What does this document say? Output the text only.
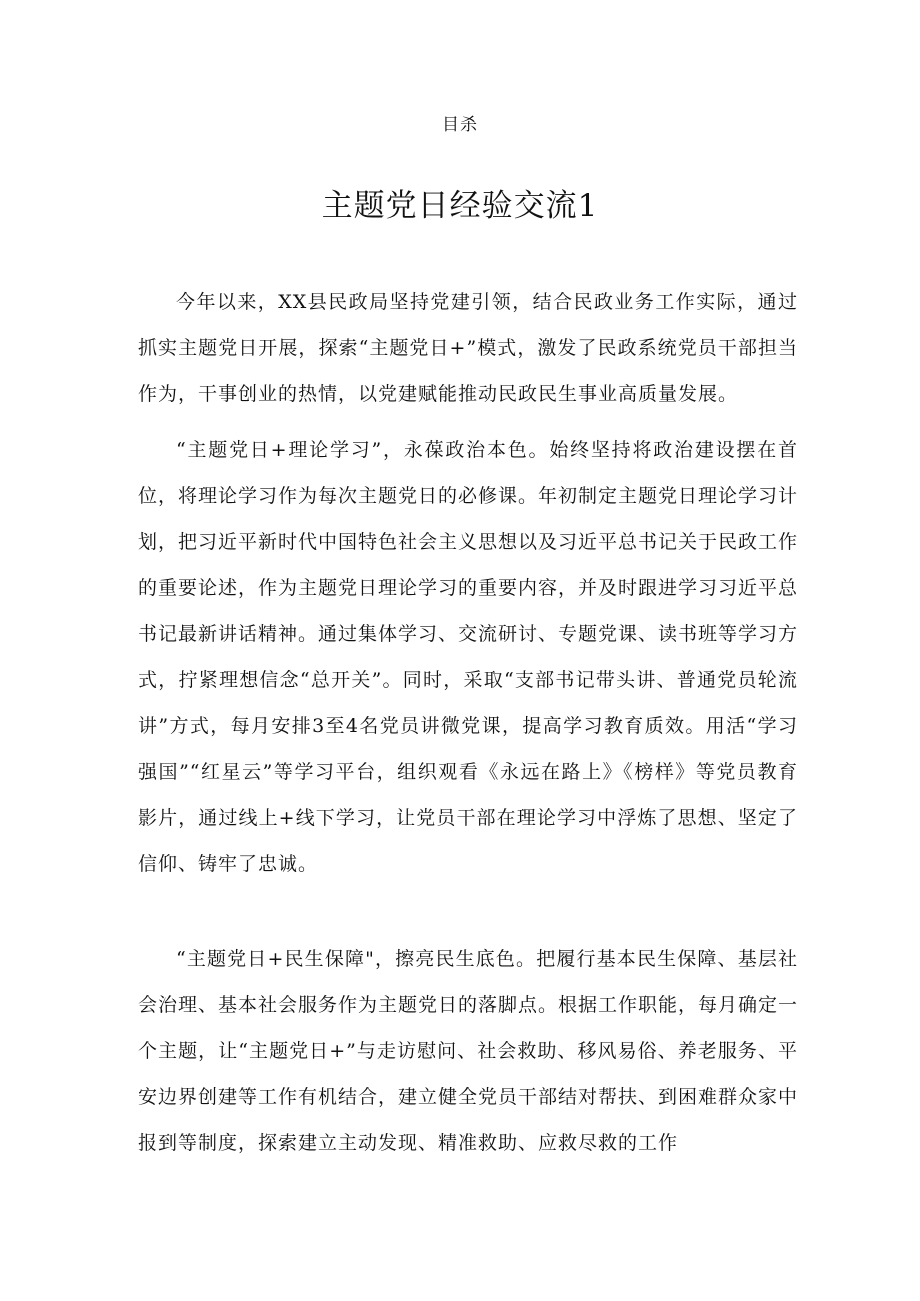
目杀
主题党日经验交流1

今年以来，XX县民政局坚持党建引领，结合民政业务工作实际，通过抓实主题党日开展，探索“主题党日+”模式，激发了民政系统党员干部担当作为，干事创业的热情，以党建赋能推动民政民生事业高质量发展。

“主题党日+理论学习”，永葆政治本色。始终坚持将政治建设摆在首位，将理论学习作为每次主题党日的必修课。年初制定主题党日理论学习计划，把习近平新时代中国特色社会主义思想以及习近平总书记关于民政工作的重要论述，作为主题党日理论学习的重要内容，并及时跟进学习习近平总书记最新讲话精神。通过集体学习、交流研讨、专题党课、读书班等学习方式，拧紧理想信念“总开关”。同时，采取“支部书记带头讲、普通党员轮流讲”方式，每月安排3至4名党员讲微党课，提高学习教育质效。用活“学习强国”“红星云”等学习平台，组织观看《永远在路上》《榜样》等党员教育影片，通过线上+线下学习，让党员干部在理论学习中浮炼了思想、坚定了信仰、铸牢了忠诚。

“主题党日+民生保障"，擦亮民生底色。把履行基本民生保障、基层社会治理、基本社会服务作为主题党日的落脚点。根据工作职能，每月确定一个主题，让“主题党日+”与走访慰问、社会救助、移风易俗、养老服务、平安边界创建等工作有机结合，建立健全党员干部结对帮扶、到困难群众家中报到等制度，探索建立主动发现、精准救助、应救尽救的工作
